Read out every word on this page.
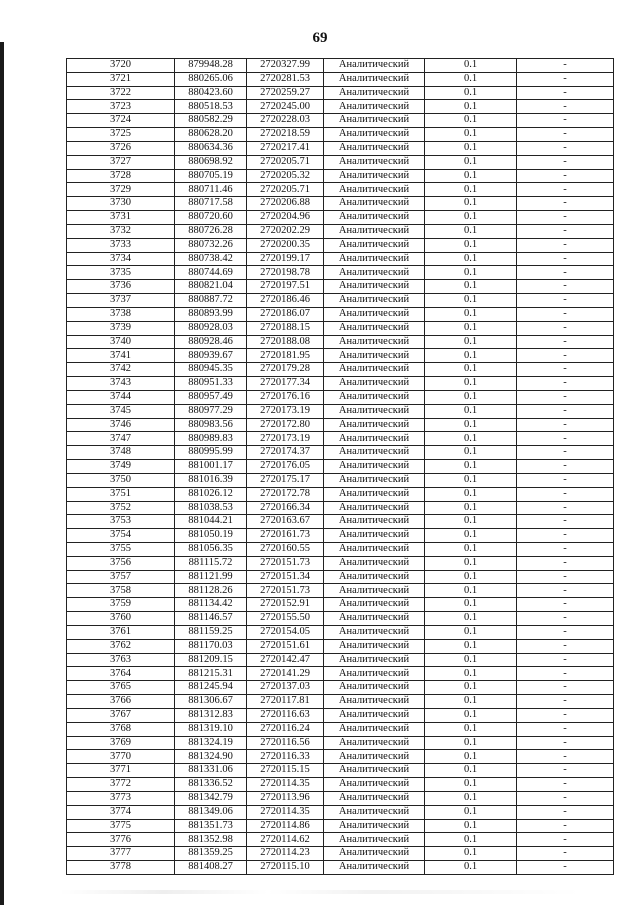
69
3720	879948.28	2720327.99	Аналитический	0.1	-
3721	880265.06	2720281.53	Аналитический	0.1	-
3722	880423.60	2720259.27	Аналитический	0.1	-
3723	880518.53	2720245.00	Аналитический	0.1	-
3724	880582.29	2720228.03	Аналитический	0.1	-
3725	880628.20	2720218.59	Аналитический	0.1	-
3726	880634.36	2720217.41	Аналитический	0.1	-
3727	880698.92	2720205.71	Аналитический	0.1	-
3728	880705.19	2720205.32	Аналитический	0.1	-
3729	880711.46	2720205.71	Аналитический	0.1	-
3730	880717.58	2720206.88	Аналитический	0.1	-
3731	880720.60	2720204.96	Аналитический	0.1	-
3732	880726.28	2720202.29	Аналитический	0.1	-
3733	880732.26	2720200.35	Аналитический	0.1	-
3734	880738.42	2720199.17	Аналитический	0.1	-
3735	880744.69	2720198.78	Аналитический	0.1	-
3736	880821.04	2720197.51	Аналитический	0.1	-
3737	880887.72	2720186.46	Аналитический	0.1	-
3738	880893.99	2720186.07	Аналитический	0.1	-
3739	880928.03	2720188.15	Аналитический	0.1	-
3740	880928.46	2720188.08	Аналитический	0.1	-
3741	880939.67	2720181.95	Аналитический	0.1	-
3742	880945.35	2720179.28	Аналитический	0.1	-
3743	880951.33	2720177.34	Аналитический	0.1	-
3744	880957.49	2720176.16	Аналитический	0.1	-
3745	880977.29	2720173.19	Аналитический	0.1	-
3746	880983.56	2720172.80	Аналитический	0.1	-
3747	880989.83	2720173.19	Аналитический	0.1	-
3748	880995.99	2720174.37	Аналитический	0.1	-
3749	881001.17	2720176.05	Аналитический	0.1	-
3750	881016.39	2720175.17	Аналитический	0.1	-
3751	881026.12	2720172.78	Аналитический	0.1	-
3752	881038.53	2720166.34	Аналитический	0.1	-
3753	881044.21	2720163.67	Аналитический	0.1	-
3754	881050.19	2720161.73	Аналитический	0.1	-
3755	881056.35	2720160.55	Аналитический	0.1	-
3756	881115.72	2720151.73	Аналитический	0.1	-
3757	881121.99	2720151.34	Аналитический	0.1	-
3758	881128.26	2720151.73	Аналитический	0.1	-
3759	881134.42	2720152.91	Аналитический	0.1	-
3760	881146.57	2720155.50	Аналитический	0.1	-
3761	881159.25	2720154.05	Аналитический	0.1	-
3762	881170.03	2720151.61	Аналитический	0.1	-
3763	881209.15	2720142.47	Аналитический	0.1	-
3764	881215.31	2720141.29	Аналитический	0.1	-
3765	881245.94	2720137.03	Аналитический	0.1	-
3766	881306.67	2720117.81	Аналитический	0.1	-
3767	881312.83	2720116.63	Аналитический	0.1	-
3768	881319.10	2720116.24	Аналитический	0.1	-
3769	881324.19	2720116.56	Аналитический	0.1	-
3770	881324.90	2720116.33	Аналитический	0.1	-
3771	881331.06	2720115.15	Аналитический	0.1	-
3772	881336.52	2720114.35	Аналитический	0.1	-
3773	881342.79	2720113.96	Аналитический	0.1	-
3774	881349.06	2720114.35	Аналитический	0.1	-
3775	881351.73	2720114.86	Аналитический	0.1	-
3776	881352.98	2720114.62	Аналитический	0.1	-
3777	881359.25	2720114.23	Аналитический	0.1	-
3778	881408.27	2720115.10	Аналитический	0.1	-
